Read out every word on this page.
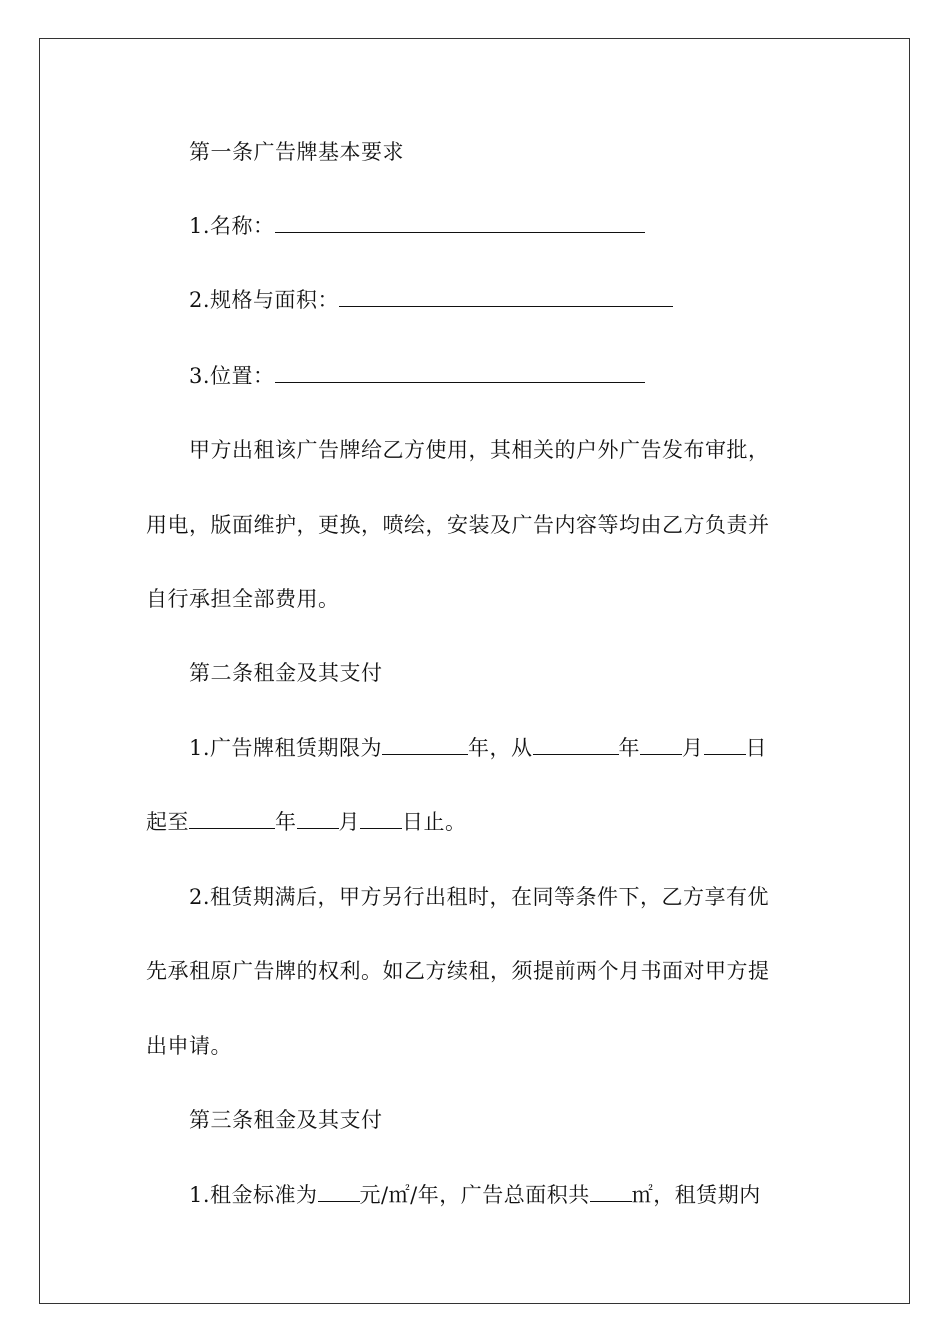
第一条广告牌基本要求
1.名称：
2.规格与面积：
3.位置：
甲方出租该广告牌给乙方使用，其相关的户外广告发布审批，
用电，版面维护，更换，喷绘，安装及广告内容等均由乙方负责并
自行承担全部费用。
第二条租金及其支付
1.广告牌租赁期限为	年，从	年 月 日
起至	年 月 日止。
2.租赁期满后，甲方另行出租时，在同等条件下，乙方享有优
先承租原广告牌的权利。如乙方续租，须提前两个月书面对甲方提
出申请。
第三条租金及其支付
1.租金标准为 元/㎡/年，广告总面积共 ㎡，租赁期内
